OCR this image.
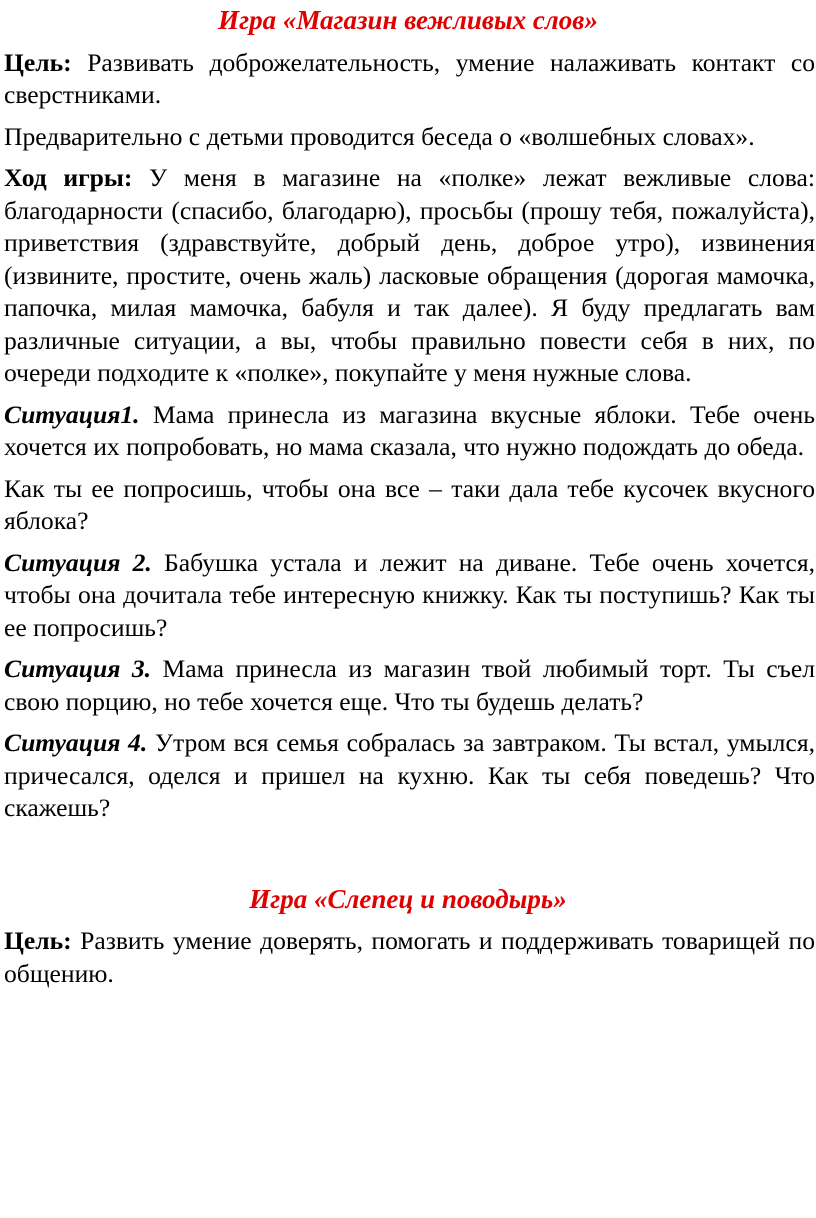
Игра «Магазин вежливых слов»

Цель: Развивать доброжелательность, умение налаживать контакт со сверстниками.

Предварительно с детьми проводится беседа о «волшебных словах».

Ход игры: У меня в магазине на «полке» лежат вежливые слова: благодарности (спасибо, благодарю), просьбы (прошу тебя, пожалуйста), приветствия (здравствуйте, добрый день, доброе утро), извинения (извините, простите, очень жаль) ласковые обращения (дорогая мамочка, папочка, милая мамочка, бабуля и так далее). Я буду предлагать вам различные ситуации, а вы, чтобы правильно повести себя в них, по очереди подходите к «полке», покупайте у меня нужные слова.

Ситуация1. Мама принесла из магазина вкусные яблоки. Тебе очень хочется их попробовать, но мама сказала, что нужно подождать до обеда.

Как ты ее попросишь, чтобы она все – таки дала тебе кусочек вкусного яблока?

Ситуация 2. Бабушка устала и лежит на диване. Тебе очень хочется, чтобы она дочитала тебе интересную книжку. Как ты поступишь? Как ты ее попросишь?

Ситуация 3. Мама принесла из магазин твой любимый торт. Ты съел свою порцию, но тебе хочется еще. Что ты будешь делать?

Ситуация 4. Утром вся семья собралась за завтраком. Ты встал, умылся, причесался, оделся и пришел на кухню. Как ты себя поведешь? Что скажешь?

Игра «Слепец и поводырь»

Цель: Развить умение доверять, помогать и поддерживать товарищей по общению.
